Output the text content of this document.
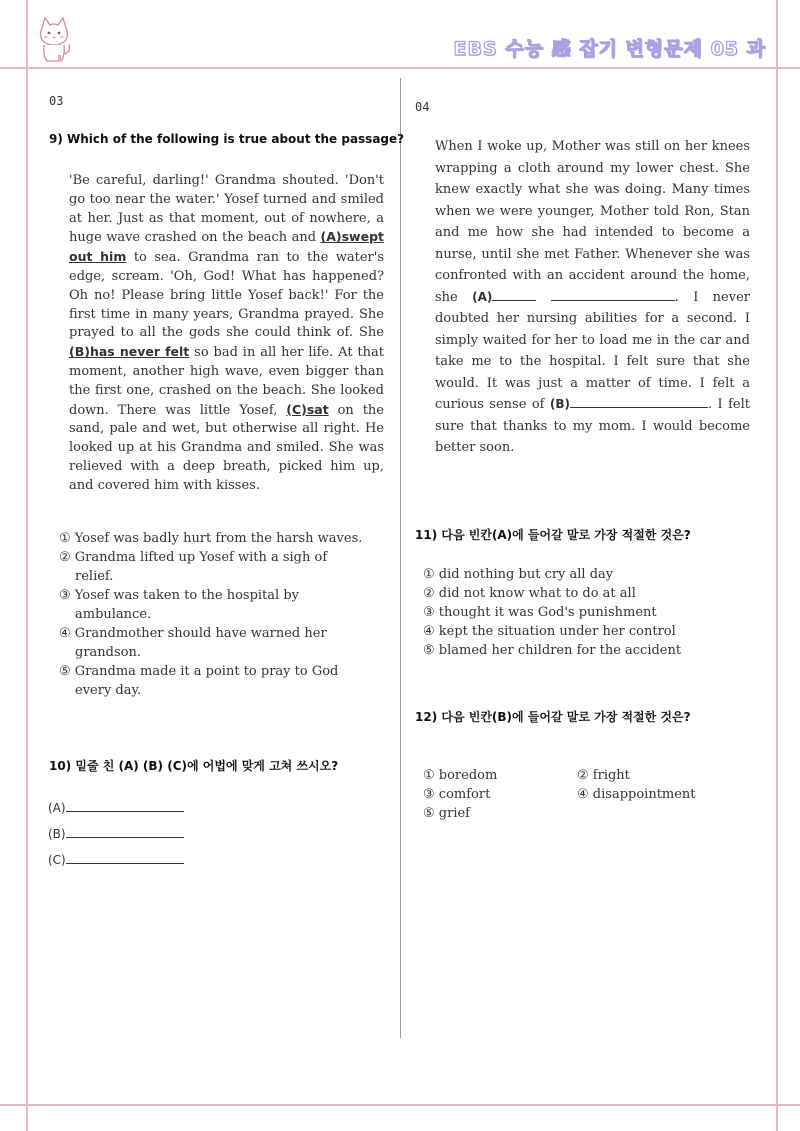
EBS 수능 感 잡기 변형문제 05 과
03
9) Which of the following is true about the passage?
'Be careful, darling!' Grandma shouted. 'Don't go too near the water.' Yosef turned and smiled at her. Just as that moment, out of nowhere, a huge wave crashed on the beach and (A)swept out him to sea. Grandma ran to the water's edge, scream. 'Oh, God! What has happened? Oh no! Please bring little Yosef back!' For the first time in many years, Grandma prayed. She prayed to all the gods she could think of. She (B)has never felt so bad in all her life. At that moment, another high wave, even bigger than the first one, crashed on the beach. She looked down. There was little Yosef, (C)sat on the sand, pale and wet, but otherwise all right. He looked up at his Grandma and smiled. She was relieved with a deep breath, picked him up, and covered him with kisses.
① Yosef was badly hurt from the harsh waves.
② Grandma lifted up Yosef with a sigh of
relief.
③ Yosef was taken to the hospital by
ambulance.
④ Grandmother should have warned her
grandson.
⑤ Grandma made it a point to pray to God
every day.
10) 밑줄 친 (A) (B) (C)에 어법에 맞게 고쳐 쓰시오?
(A)
(B)
(C)
04
When I woke up, Mother was still on her knees wrapping a cloth around my lower chest. She knew exactly what she was doing. Many times when we were younger, Mother told Ron, Stan and me how she had intended to become a nurse, until she met Father. Whenever she was confronted with an accident around the home, she (A)	. I never doubted her nursing abilities for a second. I simply waited for her to load me in the car and take me to the hospital. I felt sure that she would. It was just a matter of time. I felt a curious sense of (B)	. I felt sure that thanks to my mom. I would become better soon.
11) 다음 빈칸(A)에 들어갈 말로 가장 적절한 것은?
① did nothing but cry all day
② did not know what to do at all
③ thought it was God's punishment
④ kept the situation under her control
⑤ blamed her children for the accident
12) 다음 빈칸(B)에 들어갈 말로 가장 적절한 것은?
① boredom	② fright
③ comfort	④ disappointment
⑤ grief
